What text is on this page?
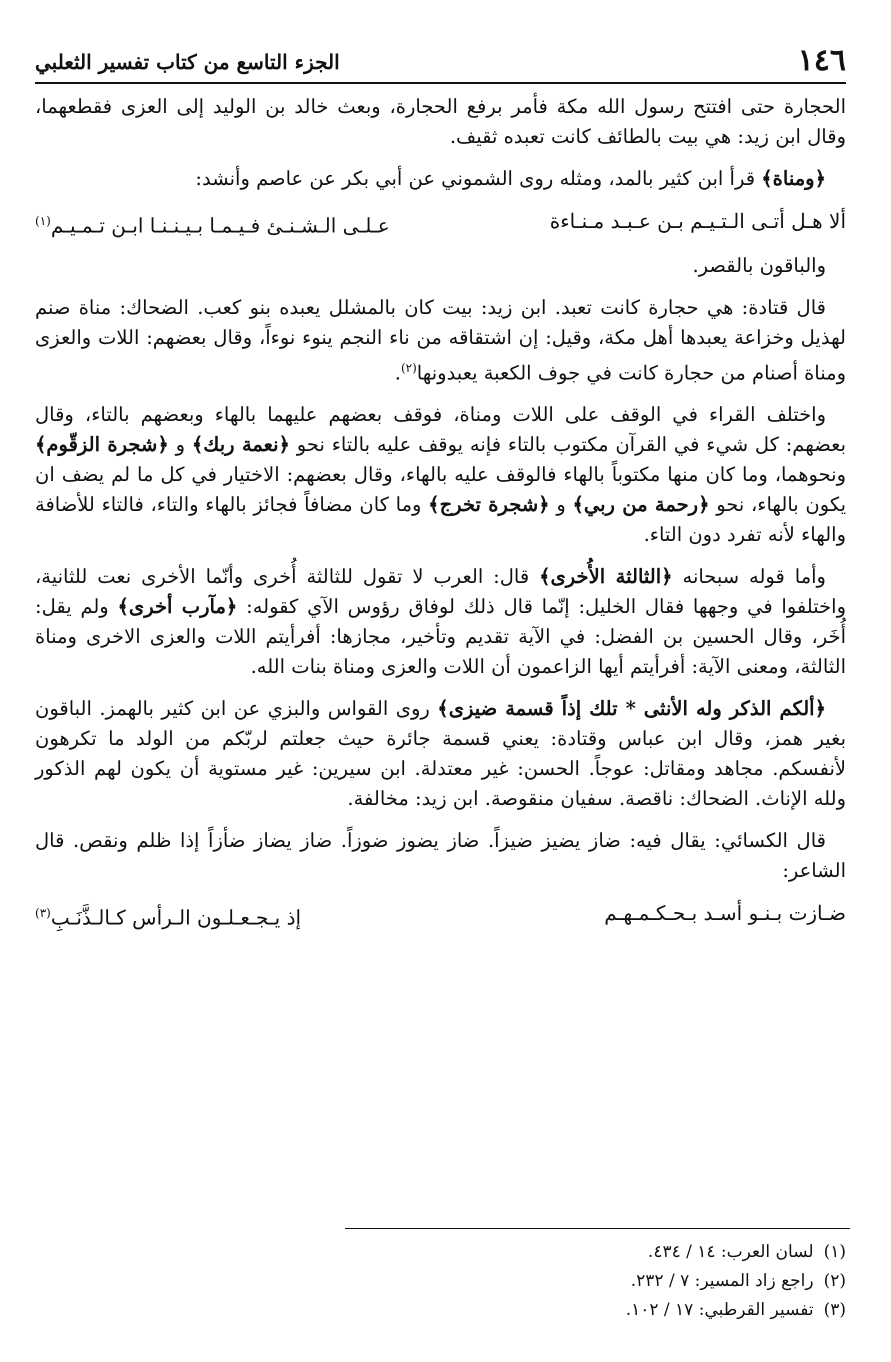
١٤٦
الجزء التاسع من كتاب تفسير الثعلبي

الحجارة حتى افتتح رسول الله مكة فأمر برفع الحجارة، وبعث خالد بن الوليد إلى العزى فقطعهما، وقال ابن زيد: هي بيت بالطائف كانت تعبده ثقيف.

﴿ومناة﴾ قرأ ابن كثير بالمد، ومثله روى الشموني عن أبي بكر عن عاصم وأنشد:

ألا هـل أتـى الـتـيـم بـن عـبـد مـنـاءة
عـلـى الـشـنـئ فـيـمـا بـيـنـنـا ابـن تـمـيـم$^{(١)}$

والباقون بالقصر.

قال قتادة: هي حجارة كانت تعبد. ابن زيد: بيت كان بالمشلل يعبده بنو كعب. الضحاك: مناة صنم لهذيل وخزاعة يعبدها أهل مكة، وقيل: إن اشتقاقه من ناء النجم ينوء نوءاً، وقال بعضهم: اللات والعزى ومناة أصنام من حجارة كانت في جوف الكعبة يعبدونها$^{(٢)}$.

واختلف القراء في الوقف على اللات ومناة، فوقف بعضهم عليهما بالهاء وبعضهم بالتاء، وقال بعضهم: كل شيء في القرآن مكتوب بالتاء فإنه يوقف عليه بالتاء نحو ﴿نعمة ربك﴾ و ﴿شجرة الزقّوم﴾ ونحوهما، وما كان منها مكتوباً بالهاء فالوقف عليه بالهاء، وقال بعضهم: الاختيار في كل ما لم يضف ان يكون بالهاء، نحو ﴿رحمة من ربي﴾ و ﴿شجرة تخرج﴾ وما كان مضافاً فجائز بالهاء والتاء، فالتاء للأضافة والهاء لأنه تفرد دون التاء.

وأما قوله سبحانه ﴿الثالثة الأُخرى﴾ قال: العرب لا تقول للثالثة أُخرى وأنّما الأخرى نعت للثانية، واختلفوا في وجهها فقال الخليل: إنّما قال ذلك لوفاق رؤوس الآي كقوله: ﴿مآرب أخرى﴾ ولم يقل: أُخَر، وقال الحسين بن الفضل: في الآية تقديم وتأخير، مجازها: أفرأيتم اللات والعزى الاخرى ومناة الثالثة، ومعنى الآية: أفرأيتم أيها الزاعمون أن اللات والعزى ومناة بنات الله.

﴿ألكم الذكر وله الأنثى * تلك إذاً قسمة ضيزى﴾ روى القواس والبزي عن ابن كثير بالهمز. الباقون بغير همز، وقال ابن عباس وقتادة: يعني قسمة جائرة حيث جعلتم لربّكم من الولد ما تكرهون لأنفسكم. مجاهد ومقاتل: عوجاً. الحسن: غير معتدلة. ابن سيرين: غير مستوية أن يكون لهم الذكور ولله الإناث. الضحاك: ناقصة. سفيان منقوصة. ابن زيد: مخالفة.

قال الكسائي: يقال فيه: ضاز يضيز ضيزاً. ضاز يضوز ضوزاً. ضاز يضاز ضأزاً إذا ظلم ونقص. قال الشاعر:

ضـازت بـنـو أسـد بـحـكـمـهـم
إذ يـجـعـلـون الـرأس كـالـذَّنَـبِ$^{(٣)}$
(١)
لسان العرب: ١٤ / ٤٣٤.
(٢)
راجع زاد المسير: ٧ / ٢٣٢.
(٣)
تفسير القرطبي: ١٧ / ١٠٢.
